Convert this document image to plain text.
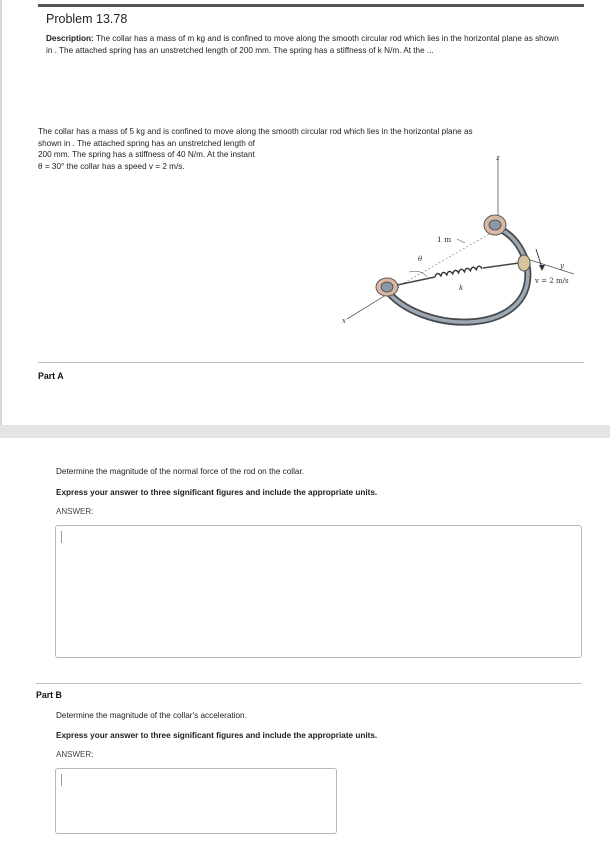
Problem 13.78
Description: The collar has a mass of m kg and is confined to move along the smooth circular rod which lies in the horizontal plane as shown in . The attached spring has an unstretched length of 200 mm. The spring has a stiffness of k N/m. At the ...
The collar has a mass of 5 kg and is confined to move along the smooth circular rod which lies in the horizontal plane as
shown in . The attached spring has an unstretched length of
200 mm. The spring has a stiffness of 40 N/m. At the instant
θ = 30° the collar has a speed v = 2 m/s.
z
x
y
k
v = 2 m/s
1 m
θ
Part A
Determine the magnitude of the normal force of the rod on the collar.
Express your answer to three significant figures and include the appropriate units.
ANSWER:
Part B
Determine the magnitude of the collar's acceleration.
Express your answer to three significant figures and include the appropriate units.
ANSWER:
